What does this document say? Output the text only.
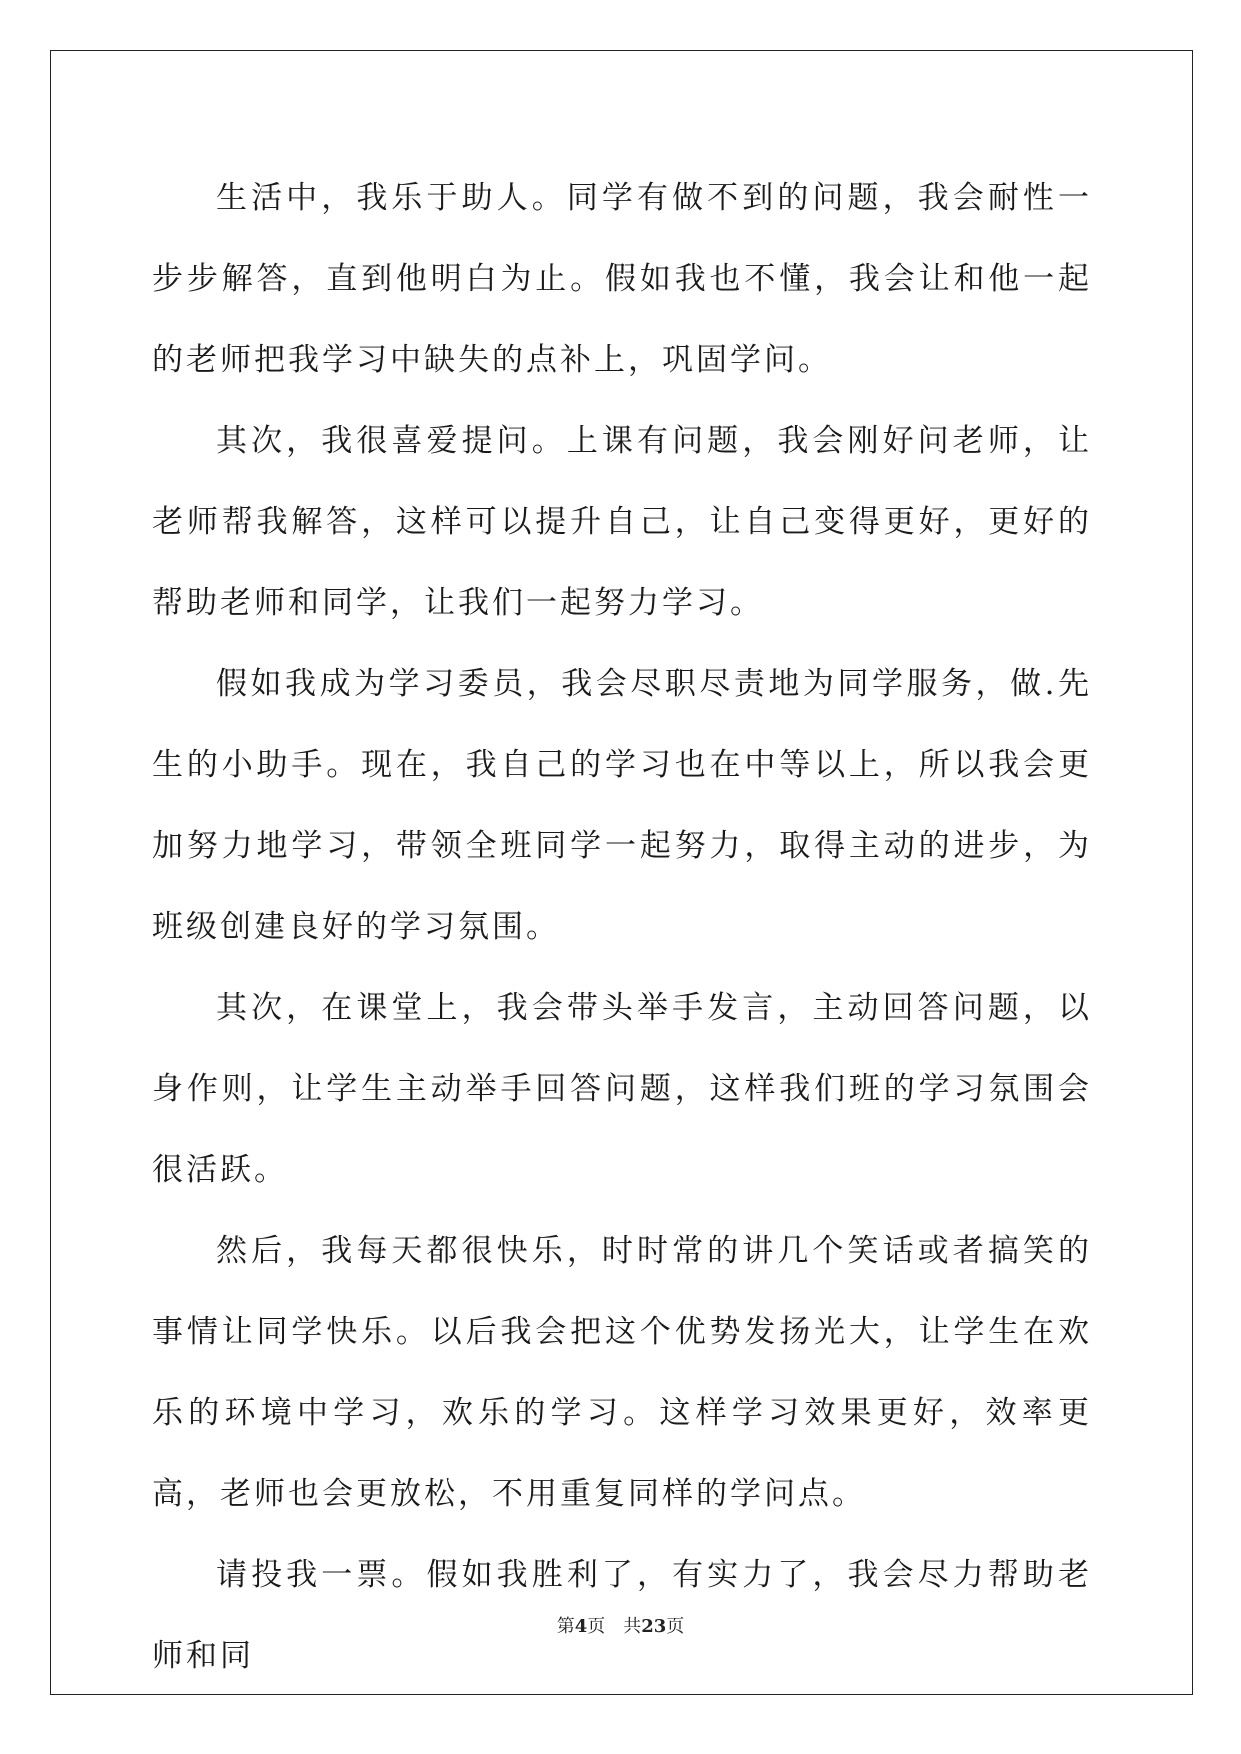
生活中，我乐于助人。同学有做不到的问题，我会耐性一步步解答，直到他明白为止。假如我也不懂，我会让和他一起的老师把我学习中缺失的点补上，巩固学问。

其次，我很喜爱提问。上课有问题，我会刚好问老师，让老师帮我解答，这样可以提升自己，让自己变得更好，更好的帮助老师和同学，让我们一起努力学习。

假如我成为学习委员，我会尽职尽责地为同学服务，做.先生的小助手。现在，我自己的学习也在中等以上，所以我会更加努力地学习，带领全班同学一起努力，取得主动的进步，为班级创建良好的学习氛围。

其次，在课堂上，我会带头举手发言，主动回答问题，以身作则，让学生主动举手回答问题，这样我们班的学习氛围会很活跃。

然后，我每天都很快乐，时时常的讲几个笑话或者搞笑的事情让同学快乐。以后我会把这个优势发扬光大，让学生在欢乐的环境中学习，欢乐的学习。这样学习效果更好，效率更高，老师也会更放松，不用重复同样的学问点。

请投我一票。假如我胜利了，有实力了，我会尽力帮助老师和同

第4页 共23页
